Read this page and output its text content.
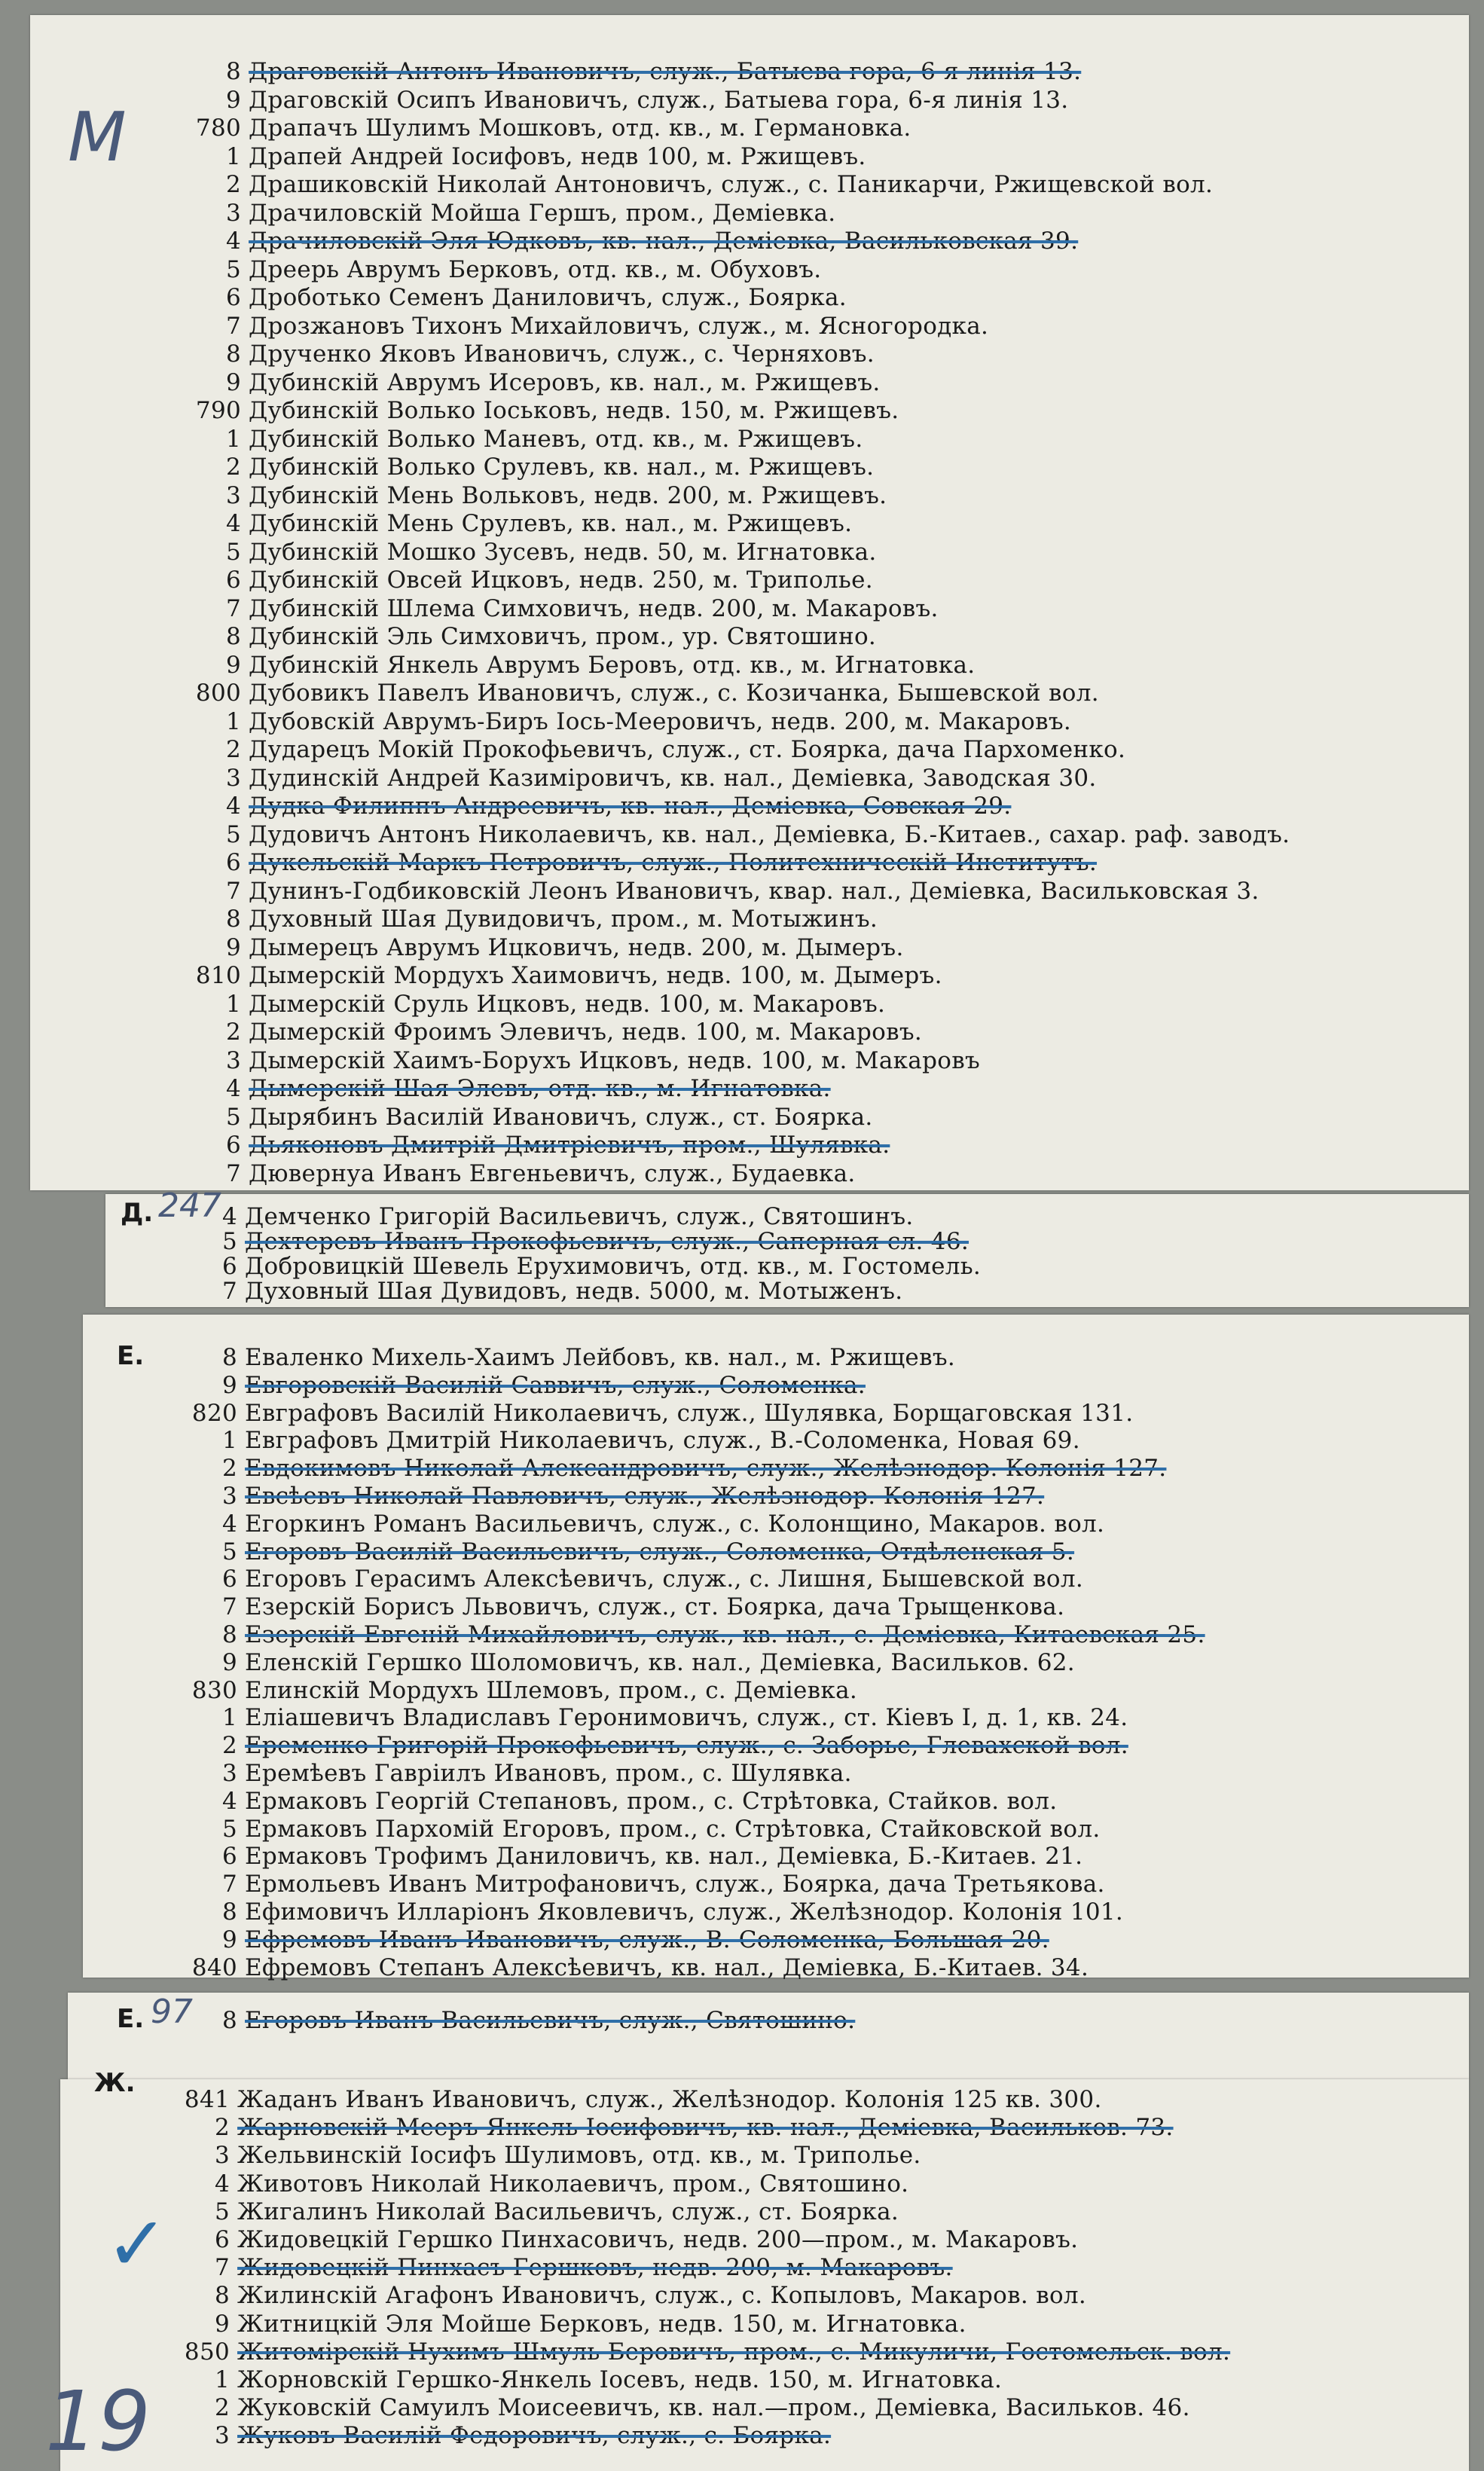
M
✓
19
Д. 247
Е.
Е. 97
Ж.
8 Драговскій Антонъ Ивановичъ, служ., Батыева гора, 6-я линія 13.
9 Драговскій Осипъ Ивановичъ, служ., Батыева гора, 6-я линія 13.
780 Драпачъ Шулимъ Мошковъ, отд. кв., м. Германовка.
1 Драпей Андрей Іосифовъ, недв 100, м. Ржищевъ.
2 Драшиковскій Николай Антоновичъ, служ., с. Паникарчи, Ржищевской вол.
3 Драчиловскій Мойша Гершъ, пром., Деміевка.
4 Драчиловскій Эля Юдковъ, кв. нал., Деміевка, Васильковская 39.
5 Дреерь Аврумъ Берковъ, отд. кв., м. Обуховъ.
6 Дроботько Семенъ Даниловичъ, служ., Боярка.
7 Дрозжановъ Тихонъ Михайловичъ, служ., м. Ясногородка.
8 Друченко Яковъ Ивановичъ, служ., с. Черняховъ.
9 Дубинскій Аврумъ Исеровъ, кв. нал., м. Ржищевъ.
790 Дубинскій Волько Іоськовъ, недв. 150, м. Ржищевъ.
1 Дубинскій Волько Маневъ, отд. кв., м. Ржищевъ.
2 Дубинскій Волько Срулевъ, кв. нал., м. Ржищевъ.
3 Дубинскій Мень Вольковъ, недв. 200, м. Ржищевъ.
4 Дубинскій Мень Срулевъ, кв. нал., м. Ржищевъ.
5 Дубинскій Мошко Зусевъ, недв. 50, м. Игнатовка.
6 Дубинскій Овсей Ицковъ, недв. 250, м. Триполье.
7 Дубинскій Шлема Симховичъ, недв. 200, м. Макаровъ.
8 Дубинскій Эль Симховичъ, пром., ур. Святошино.
9 Дубинскій Янкель Аврумъ Беровъ, отд. кв., м. Игнатовка.
800 Дубовикъ Павелъ Ивановичъ, служ., с. Козичанка, Бышевской вол.
1 Дубовскій Аврумъ-Биръ Іось-Мееровичъ, недв. 200, м. Макаровъ.
2 Дударецъ Мокій Прокофьевичъ, служ., ст. Боярка, дача Пархоменко.
3 Дудинскій Андрей Казиміровичъ, кв. нал., Деміевка, Заводская 30.
4 Дудка Филиппъ Андреевичъ, кв. нал., Деміевка, Совская 29.
5 Дудовичъ Антонъ Николаевичъ, кв. нал., Деміевка, Б.-Китаев., сахар. раф. заводъ.
6 Дукельскій Маркъ Петровичъ, служ., Политехническій Институтъ.
7 Дунинъ-Годбиковскій Леонъ Ивановичъ, квар. нал., Деміевка, Васильковская 3.
8 Духовный Шая Дувидовичъ, пром., м. Мотыжинъ.
9 Дымерецъ Аврумъ Ицковичъ, недв. 200, м. Дымеръ.
810 Дымерскій Мордухъ Хаимовичъ, недв. 100, м. Дымеръ.
1 Дымерскій Сруль Ицковъ, недв. 100, м. Макаровъ.
2 Дымерскій Фроимъ Элевичъ, недв. 100, м. Макаровъ.
3 Дымерскій Хаимъ-Борухъ Ицковъ, недв. 100, м. Макаровъ
4 Дымерскій Шая Элевъ, отд. кв., м. Игнатовка.
5 Дырябинъ Василій Ивановичъ, служ., ст. Боярка.
6 Дьяконовъ Дмитрій Дмитріевичъ, пром., Шулявка.
7 Дювернуа Иванъ Евгеньевичъ, служ., Будаевка.
4 Демченко Григорій Васильевичъ, служ., Святошинъ.
5 Дехтеревъ Иванъ Прокофьевичъ, служ., Саперная сл. 46.
6 Добровицкій Шевель Ерухимовичъ, отд. кв., м. Гостомель.
7 Духовный Шая Дувидовъ, недв. 5000, м. Мотыженъ.
8 Еваленко Михель-Хаимъ Лейбовъ, кв. нал., м. Ржищевъ.
9 Евгоровскій Василій Саввичъ, служ., Соломенка.
820 Евграфовъ Василій Николаевичъ, служ., Шулявка, Борщаговская 131.
1 Евграфовъ Дмитрій Николаевичъ, служ., В.-Соломенка, Новая 69.
2 Евдокимовъ Николай Александровичъ, служ., Желѣзнодор. Колонія 127.
3 Евсѣевъ Николай Павловичъ, служ., Желѣзнодор. Колонія 127.
4 Егоркинъ Романъ Васильевичъ, служ., с. Колонщино, Макаров. вол.
5 Егоровъ Василій Васильевичъ, служ., Соломенка, Отдѣленская 5.
6 Егоровъ Герасимъ Алексѣевичъ, служ., с. Лишня, Бышевской вол.
7 Езерскій Борисъ Львовичъ, служ., ст. Боярка, дача Трыщенкова.
8 Езерскій Евгеній Михайловичъ, служ., кв. нал., с. Деміевка, Китаевская 25.
9 Еленскій Гершко Шоломовичъ, кв. нал., Деміевка, Васильков. 62.
830 Елинскій Мордухъ Шлемовъ, пром., с. Деміевка.
1 Еліашевичъ Владиславъ Геронимовичъ, служ., ст. Кіевъ I, д. 1, кв. 24.
2 Еременко Григорій Прокофьевичъ, служ., с. Заборье, Глевахской вол.
3 Еремѣевъ Гавріилъ Ивановъ, пром., с. Шулявка.
4 Ермаковъ Георгій Степановъ, пром., с. Стрѣтовка, Стайков. вол.
5 Ермаковъ Пархомій Егоровъ, пром., с. Стрѣтовка, Стайковской вол.
6 Ермаковъ Трофимъ Даниловичъ, кв. нал., Деміевка, Б.-Китаев. 21.
7 Ермольевъ Иванъ Митрофановичъ, служ., Боярка, дача Третьякова.
8 Ефимовичъ Илларіонъ Яковлевичъ, служ., Желѣзнодор. Колонія 101.
9 Ефремовъ Иванъ Ивановичъ, служ., В.-Соломенка, Большая 20.
840 Ефремовъ Степанъ Алексѣевичъ, кв. нал., Деміевка, Б.-Китаев. 34.
8 Егоровъ Иванъ Васильевичъ, служ., Святошино.
841 Жаданъ Иванъ Ивановичъ, служ., Желѣзнодор. Колонія 125 кв. 300.
2 Жарновскій Мееръ-Янкель Іосифовичъ, кв. нал., Деміевка, Васильков. 73.
3 Жельвинскій Іосифъ Шулимовъ, отд. кв., м. Триполье.
4 Животовъ Николай Николаевичъ, пром., Святошино.
5 Жигалинъ Николай Васильевичъ, служ., ст. Боярка.
6 Жидовецкій Гершко Пинхасовичъ, недв. 200—пром., м. Макаровъ.
7 Жидовецкій Пинхасъ Гершковъ, недв. 200, м. Макаровъ.
8 Жилинскій Агафонъ Ивановичъ, служ., с. Копыловъ, Макаров. вол.
9 Житницкій Эля Мойше Берковъ, недв. 150, м. Игнатовка.
850 Житомірскій Нухимъ-Шмуль Беровичъ, пром., с. Микуличи, Гостомельск. вол.
1 Жорновскій Гершко-Янкель Іосевъ, недв. 150, м. Игнатовка.
2 Жуковскій Самуилъ Моисеевичъ, кв. нал.—пром., Деміевка, Васильков. 46.
3 Жуковъ Василій Федоровичъ, служ., с. Боярка.
